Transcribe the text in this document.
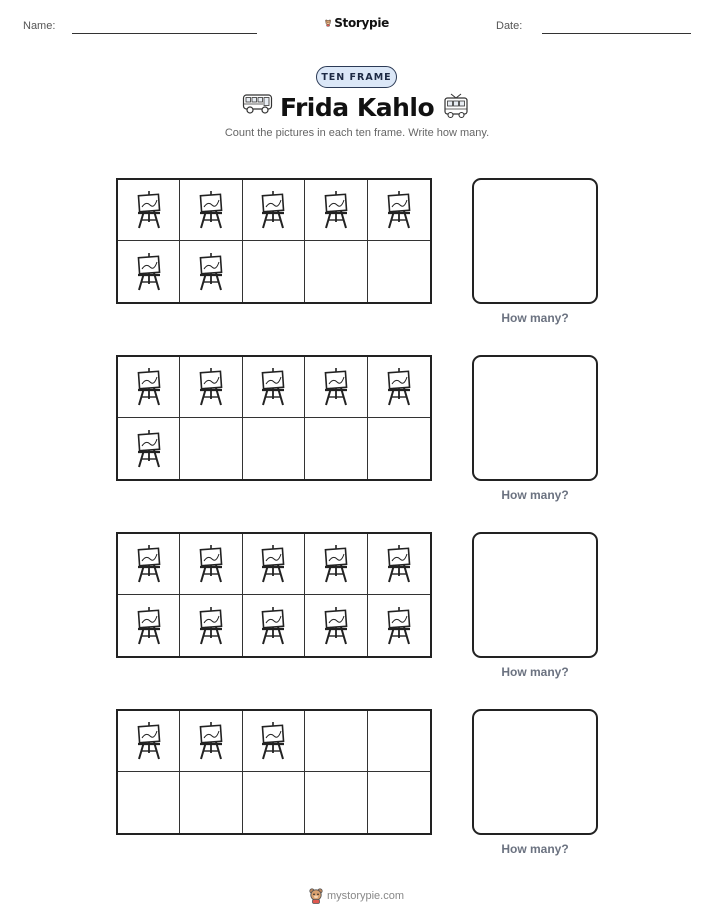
Name:	Storypie	Date:
TEN FRAME
Frida Kahlo
Count the pictures in each ten frame. Write how many.
How many?
How many?
How many?
How many?
mystorypie.com
